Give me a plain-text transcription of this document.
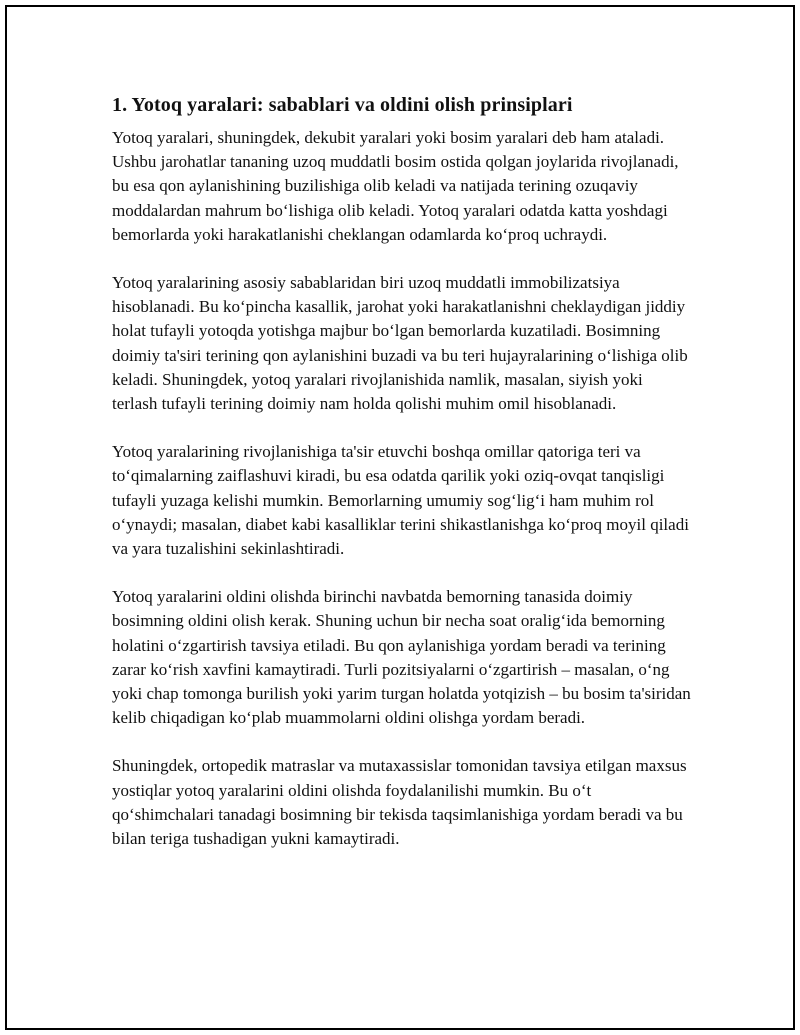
1. Yotoq yaralari: sabablari va oldini olish prinsiplari

Yotoq yaralari, shuningdek, dekubit yaralari yoki bosim yaralari deb ham ataladi. Ushbu jarohatlar tananing uzoq muddatli bosim ostida qolgan joylarida rivojlanadi, bu esa qon aylanishining buzilishiga olib keladi va natijada terining ozuqaviy moddalardan mahrum bo‘lishiga olib keladi. Yotoq yaralari odatda katta yoshdagi bemorlarda yoki harakatlanishi cheklangan odamlarda ko‘proq uchraydi.

Yotoq yaralarining asosiy sabablaridan biri uzoq muddatli immobilizatsiya hisoblanadi. Bu ko‘pincha kasallik, jarohat yoki harakatlanishni cheklaydigan jiddiy holat tufayli yotoqda yotishga majbur bo‘lgan bemorlarda kuzatiladi. Bosimning doimiy ta'siri terining qon aylanishini buzadi va bu teri hujayralarining o‘lishiga olib keladi. Shuningdek, yotoq yaralari rivojlanishida namlik, masalan, siyish yoki terlash tufayli terining doimiy nam holda qolishi muhim omil hisoblanadi.

Yotoq yaralarining rivojlanishiga ta'sir etuvchi boshqa omillar qatoriga teri va to‘qimalarning zaiflashuvi kiradi, bu esa odatda qarilik yoki oziq-ovqat tanqisligi tufayli yuzaga kelishi mumkin. Bemorlarning umumiy sog‘lig‘i ham muhim rol o‘ynaydi; masalan, diabet kabi kasalliklar terini shikastlanishga ko‘proq moyil qiladi va yara tuzalishini sekinlashtiradi.

Yotoq yaralarini oldini olishda birinchi navbatda bemorning tanasida doimiy bosimning oldini olish kerak. Shuning uchun bir necha soat oralig‘ida bemorning holatini o‘zgartirish tavsiya etiladi. Bu qon aylanishiga yordam beradi va terining zarar ko‘rish xavfini kamaytiradi. Turli pozitsiyalarni o‘zgartirish – masalan, o‘ng yoki chap tomonga burilish yoki yarim turgan holatda yotqizish – bu bosim ta'siridan kelib chiqadigan ko‘plab muammolarni oldini olishga yordam beradi.

Shuningdek, ortopedik matraslar va mutaxassislar tomonidan tavsiya etilgan maxsus yostiqlar yotoq yaralarini oldini olishda foydalanilishi mumkin. Bu o‘t qo‘shimchalari tanadagi bosimning bir tekisda taqsimlanishiga yordam beradi va bu bilan teriga tushadigan yukni kamaytiradi.
